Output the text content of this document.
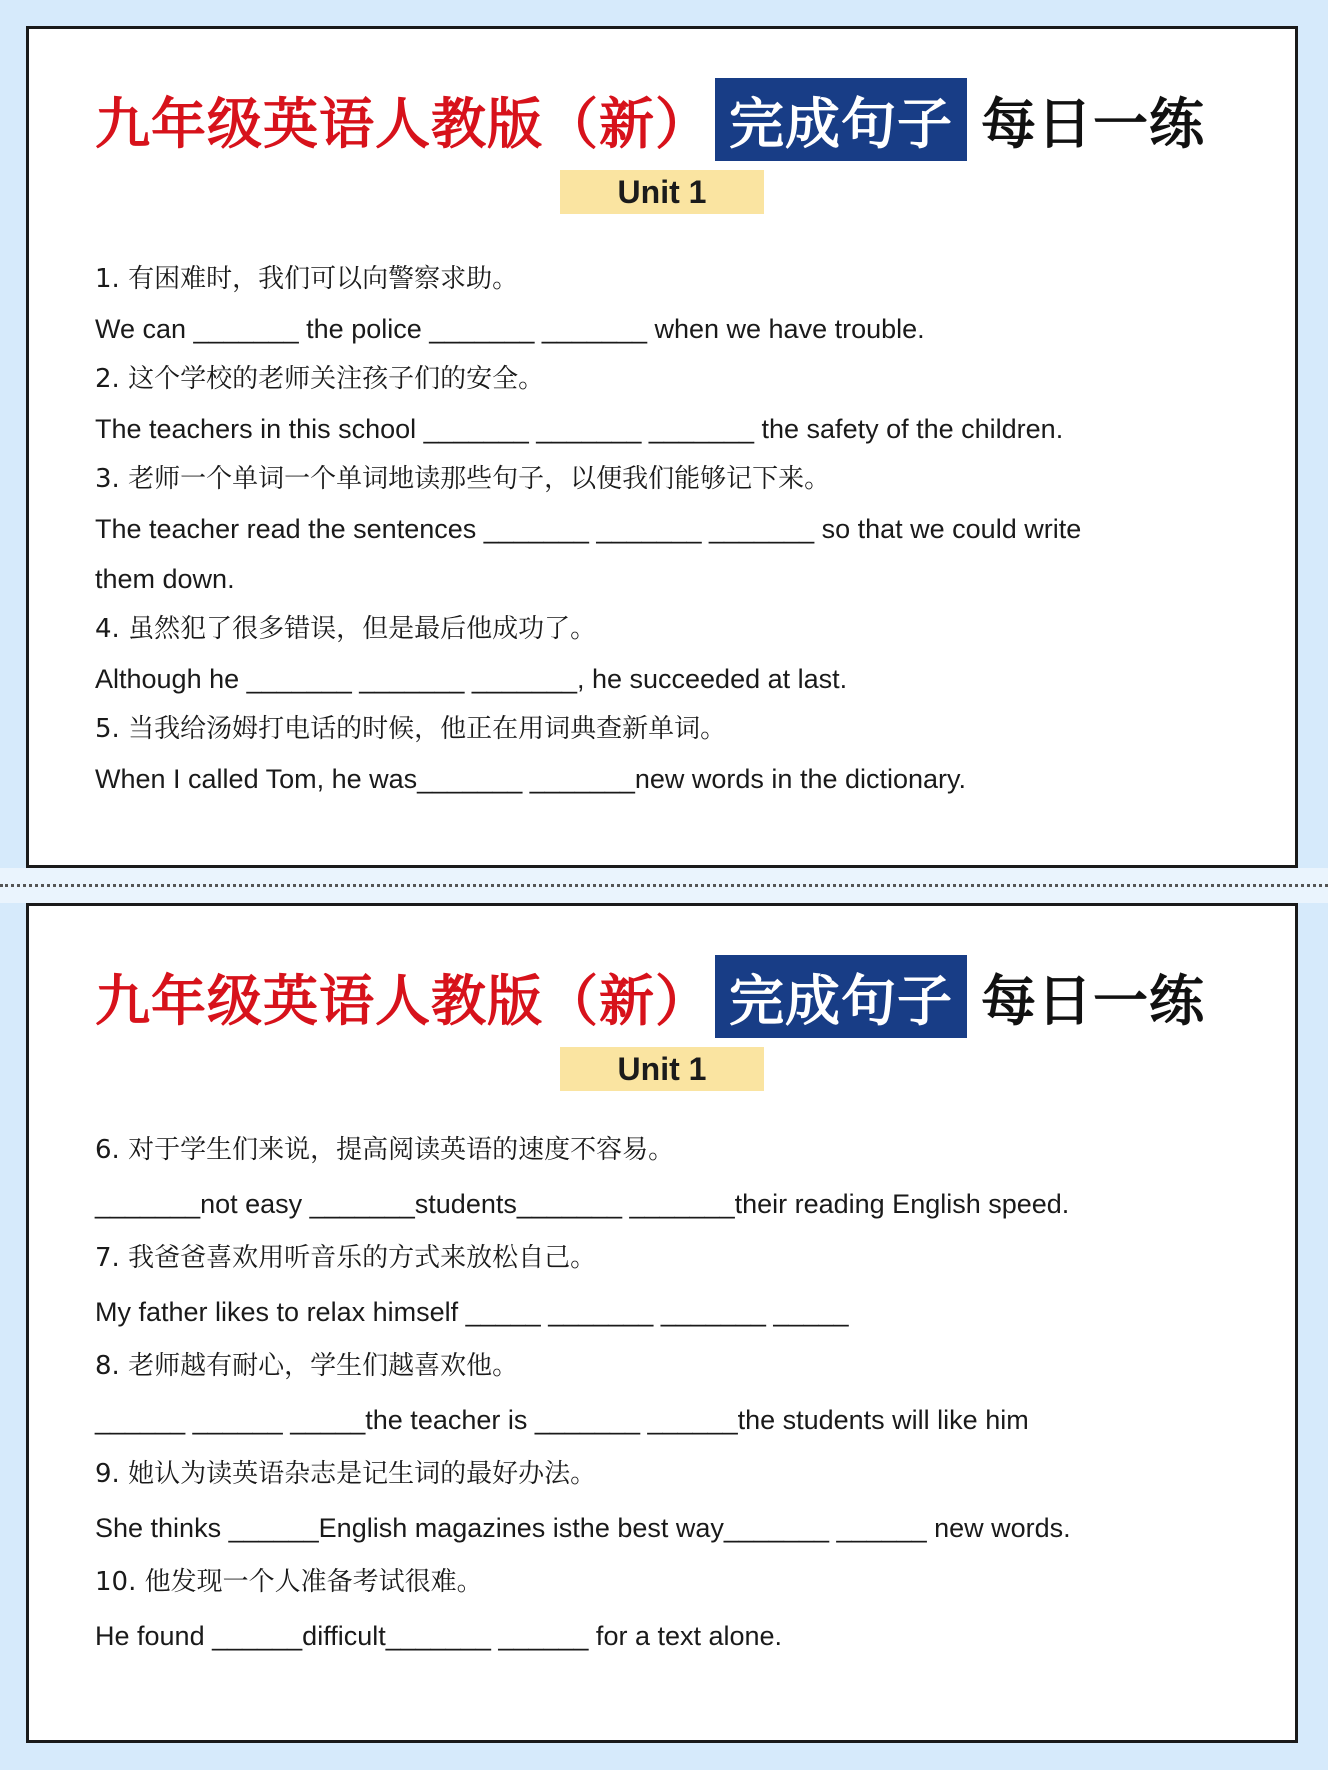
九年级英语人教版（新） 完成句子 每日一练
Unit 1
1. 有困难时，我们可以向警察求助。
We can _______ the police _______ _______ when we have trouble.
2. 这个学校的老师关注孩子们的安全。
The teachers in this school _______ _______ _______ the safety of the children.
3. 老师一个单词一个单词地读那些句子，以便我们能够记下来。
The teacher read the sentences _______ _______ _______ so that we could write
them down.
4. 虽然犯了很多错误，但是最后他成功了。
Although he _______ _______ _______, he succeeded at last.
5. 当我给汤姆打电话的时候，他正在用词典查新单词。
When I called Tom, he was_______ _______new words in the dictionary.
九年级英语人教版（新） 完成句子 每日一练
Unit 1
6. 对于学生们来说，提高阅读英语的速度不容易。
_______not easy _______students_______ _______their reading English speed.
7. 我爸爸喜欢用听音乐的方式来放松自己。
My father likes to relax himself _____ _______ _______ _____
8. 老师越有耐心，学生们越喜欢他。
______ ______ _____the teacher is _______ ______the students will like him
9. 她认为读英语杂志是记生词的最好办法。
She thinks ______English magazines isthe best way_______ ______ new words.
10. 他发现一个人准备考试很难。
He found ______difficult_______ ______ for a text alone.
